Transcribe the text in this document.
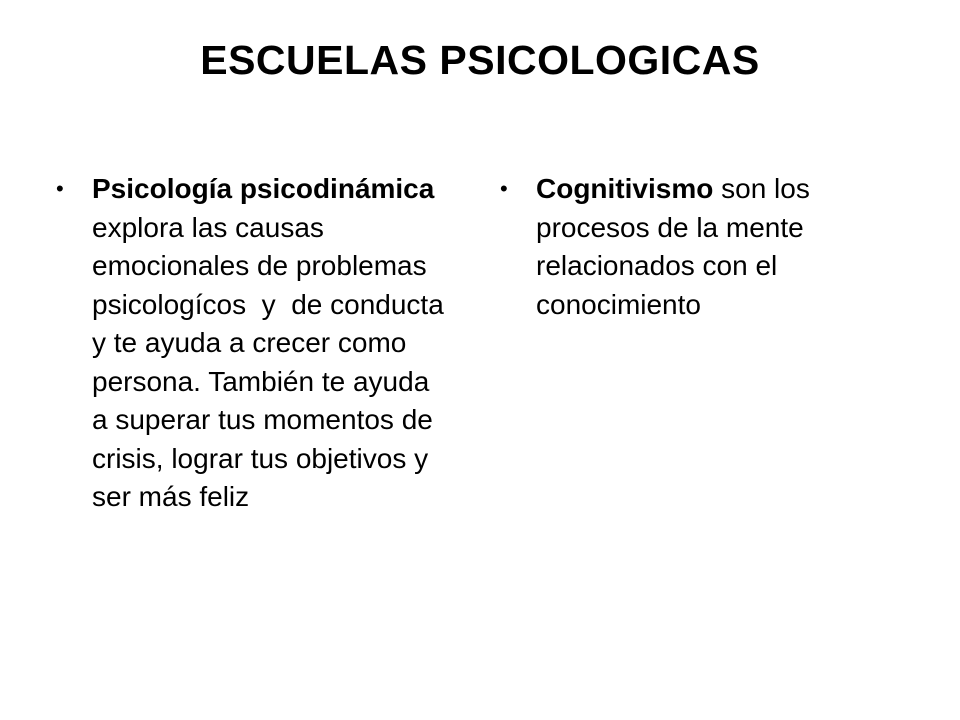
ESCUELAS PSICOLOGICAS
• Psicología psicodinámica  explora las causas emocionales de problemas psicologícos  y  de conducta y te ayuda a crecer como persona. También te ayuda a superar tus momentos de crisis, lograr tus objetivos y ser más feliz
• Cognitivismo son los procesos de la mente relacionados con el conocimiento
